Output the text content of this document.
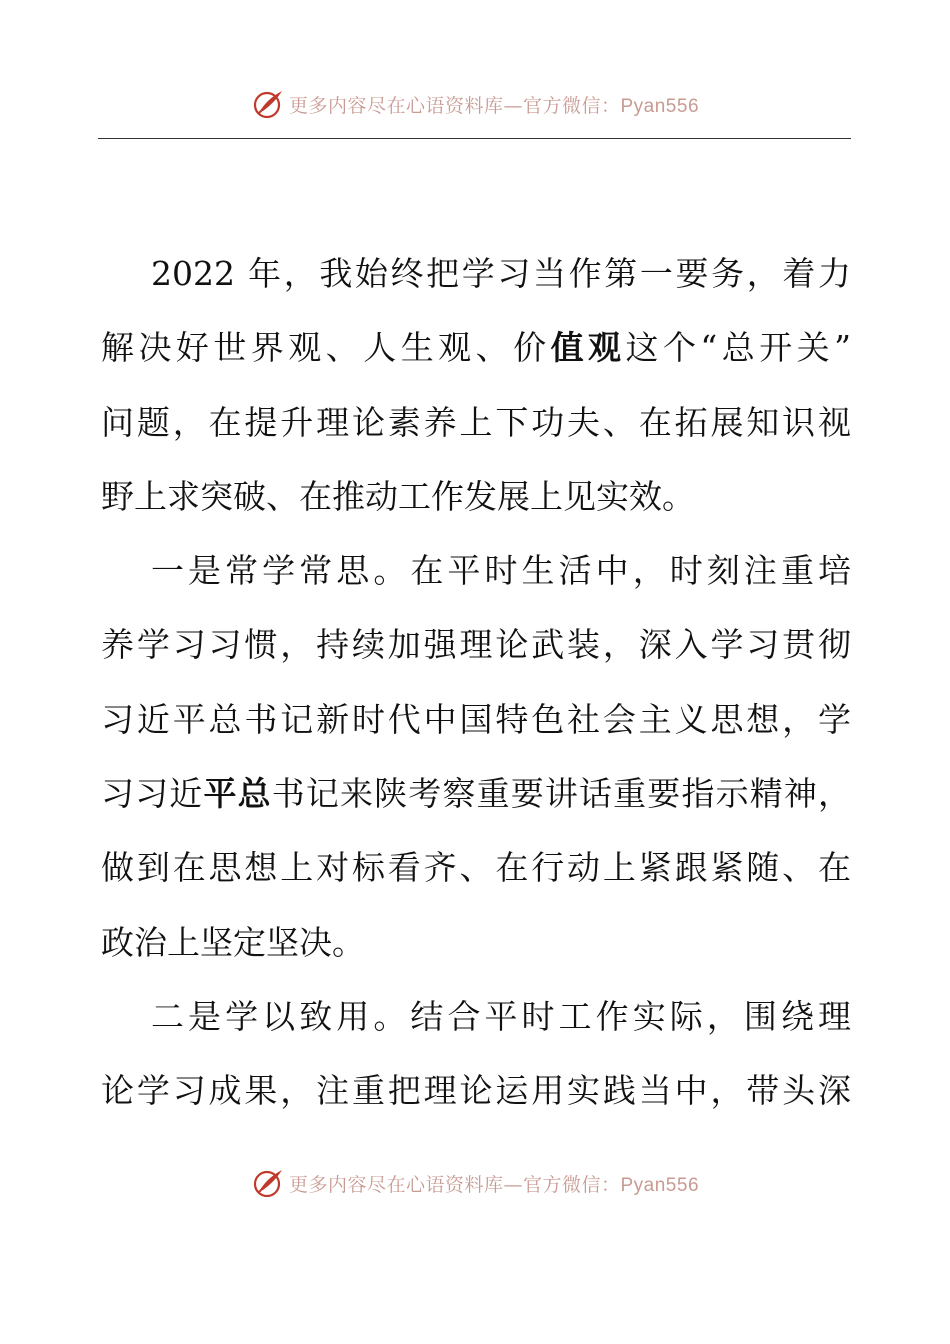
更多内容尽在心语资料库—官方微信：Pyan556
2022 年，我始终把学习当作第一要务，着力
解决好世界观、人生观、价值观这个“总开关”
问题，在提升理论素养上下功夫、在拓展知识视
野上求突破、在推动工作发展上见实效。
一是常学常思。在平时生活中，时刻注重培
养学习习惯，持续加强理论武装，深入学习贯彻
习近平总书记新时代中国特色社会主义思想，学
习习近平总书记来陕考察重要讲话重要指示精神，
做到在思想上对标看齐、在行动上紧跟紧随、在
政治上坚定坚决。
二是学以致用。结合平时工作实际，围绕理
论学习成果，注重把理论运用实践当中，带头深
更多内容尽在心语资料库—官方微信：Pyan556
